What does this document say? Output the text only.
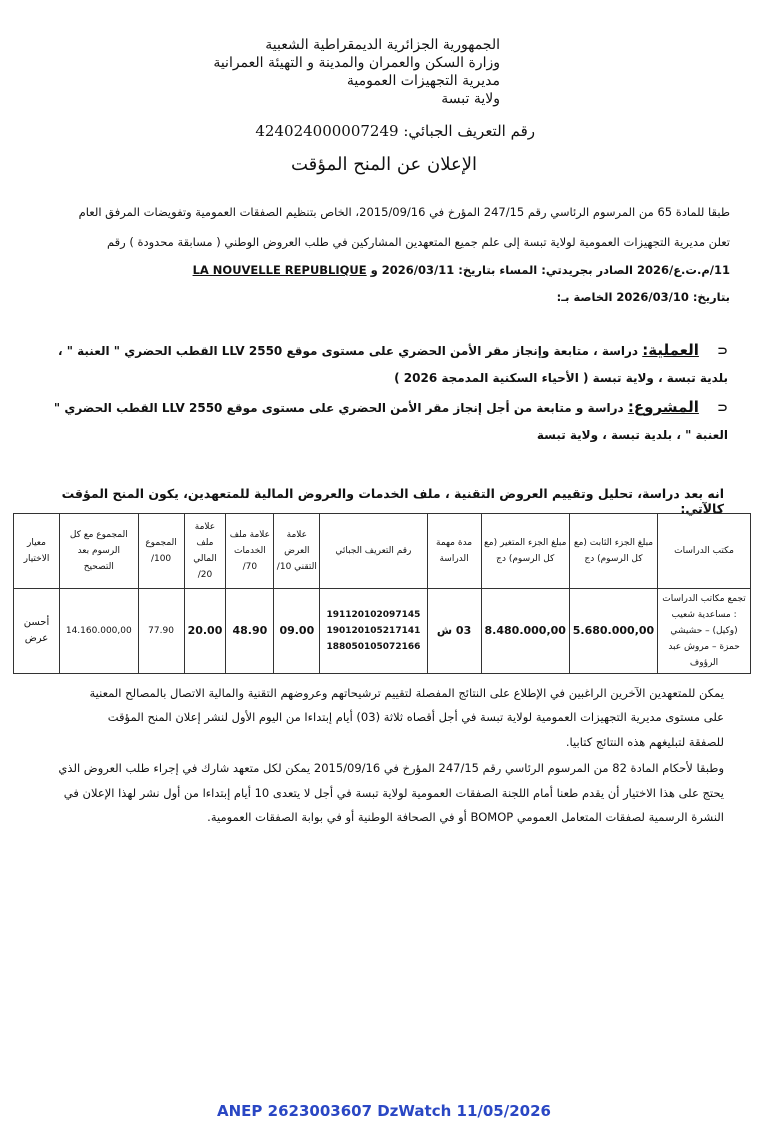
الجمهورية الجزائرية الديمقراطية الشعبية
وزارة السكن والعمران والمدينة و التهيئة العمرانية
مديرية التجهيزات العمومية
ولاية تبسة
رقم التعريف الجبائي: 424024000007249
الإعلان عن المنح المؤقت
طبقا للمادة 65 من المرسوم الرئاسي رقم 247/15 المؤرخ في 2015/09/16، الخاص بتنظيم الصفقات العمومية وتفويضات المرفق العام
تعلن مديرية التجهيزات العمومية لولاية تبسة إلى علم جميع المتعهدين المشاركين في طلب العروض الوطني ( مسابقة محدودة ) رقم
11/م.ت.ع/2026 الصادر بجريدتي: المساء بتاريخ: 2026/03/11 و LA NOUVELLE REPUBLIQUE
بتاريخ: 2026/03/10 الخاصة بـ:
⊂ العملية: دراسة ، متابعة وإنجاز مقر الأمن الحضري على مستوى موقع LLV 2550 القطب الحضري " العنبة " ، بلدية تبسة ، ولاية تبسة ( الأحياء السكنية المدمجة 2026 )
⊂ المشروع: دراسة و متابعة من أجل إنجاز مقر الأمن الحضري على مستوى موقع LLV 2550 القطب الحضري " العنبة " ، بلدية تبسة ، ولاية تبسة
انه بعد دراسة، تحليل وتقييم العروض التقنية ، ملف الخدمات والعروض المالية للمتعهدين، يكون المنح المؤقت كالآتي:
مكتب الدراسات	مبلغ الجزء الثابت (مع كل الرسوم) دج	مبلغ الجزء المتغير (مع كل الرسوم) دج	مدة مهمة الدراسة	رقم التعريف الجبائي	علامة العرض التقني 10/	علامة ملف الخدمات 70/	علامة ملف المالي 20/	المجموع 100/	المجموع مع كل الرسوم بعد التصحيح	معيار الاختيار
تجمع مكاتب الدراسات : مساعدية شعيب (وكيل) – حشيشي حمزة – مروش عبد الرؤوف	5.680.000,00	8.480.000,00	03 ش	191120102097145
190120105217141
188050105072166	09.00	48.90	20.00	77.90	14.160.000,00	أحسن عرض
يمكن للمتعهدين الآخرين الراغبين في الإطلاع على النتائج المفصلة لتقييم ترشيحاتهم وعروضهم التقنية والمالية الاتصال بالمصالح المعنية
على مستوى مديرية التجهيزات العمومية لولاية تبسة في أجل أقصاه ثلاثة (03) أيام إبتداءا من اليوم الأول لنشر إعلان المنح المؤقت
للصفقة لتبليغهم هذه النتائج كتابيا.
وطبقا لأحكام المادة 82 من المرسوم الرئاسي رقم 247/15 المؤرخ في 2015/09/16 يمكن لكل متعهد شارك في إجراء طلب العروض الذي
يحتج على هذا الاختيار أن يقدم طعنا أمام اللجنة الصفقات العمومية لولاية تبسة في أجل لا يتعدى 10 أيام إبتداءا من أول نشر لهذا الإعلان في
النشرة الرسمية لصفقات المتعامل العمومي BOMOP أو في الصحافة الوطنية أو في بوابة الصفقات العمومية.
ANEP 2623003607 DzWatch 11/05/2026
